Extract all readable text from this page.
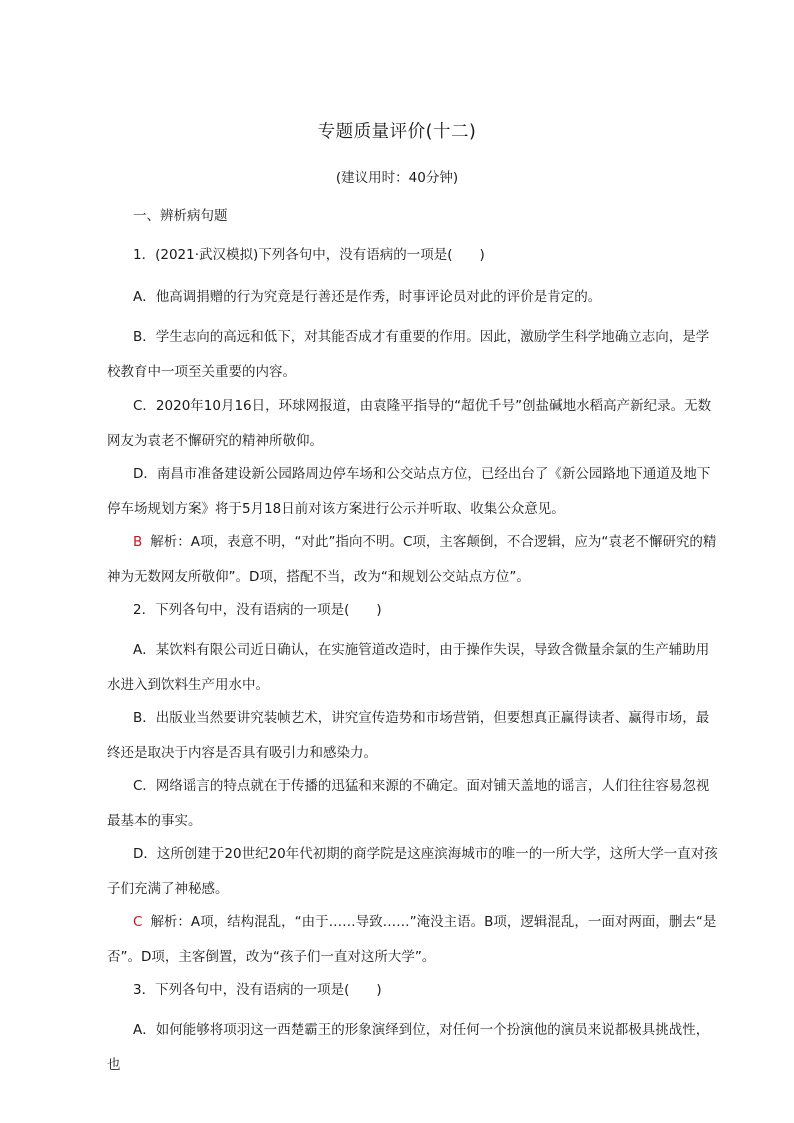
专题质量评价(十二)
(建议用时：40分钟)

一、辨析病句题

1．(2021·武汉模拟)下列各句中，没有语病的一项是(　　)

A．他高调捐赠的行为究竟是行善还是作秀，时事评论员对此的评价是肯定的。

B．学生志向的高远和低下，对其能否成才有重要的作用。因此，激励学生科学地确立志向，是学校教育中一项至关重要的内容。

C．2020年10月16日，环球网报道，由袁隆平指导的“超优千号”创盐碱地水稻高产新纪录。无数网友为袁老不懈研究的精神所敬仰。

D．南昌市准备建设新公园路周边停车场和公交站点方位，已经出台了《新公园路地下通道及地下停车场规划方案》将于5月18日前对该方案进行公示并听取、收集公众意见。

B 解析：A项，表意不明，“对此”指向不明。C项，主客颠倒，不合逻辑，应为“袁老不懈研究的精神为无数网友所敬仰”。D项，搭配不当，改为“和规划公交站点方位”。

2．下列各句中，没有语病的一项是(　　)

A．某饮料有限公司近日确认，在实施管道改造时，由于操作失误，导致含微量余氯的生产辅助用水进入到饮料生产用水中。

B．出版业当然要讲究装帧艺术，讲究宣传造势和市场营销，但要想真正赢得读者、赢得市场，最终还是取决于内容是否具有吸引力和感染力。

C．网络谣言的特点就在于传播的迅猛和来源的不确定。面对铺天盖地的谣言，人们往往容易忽视最基本的事实。

D．这所创建于20世纪20年代初期的商学院是这座滨海城市的唯一的一所大学，这所大学一直对孩子们充满了神秘感。

C 解析：A项，结构混乱，“由于……导致……”淹没主语。B项，逻辑混乱，一面对两面，删去“是否”。D项，主客倒置，改为“孩子们一直对这所大学”。

3．下列各句中，没有语病的一项是(　　)

A．如何能够将项羽这一西楚霸王的形象演绎到位，对任何一个扮演他的演员来说都极具挑战性，也
